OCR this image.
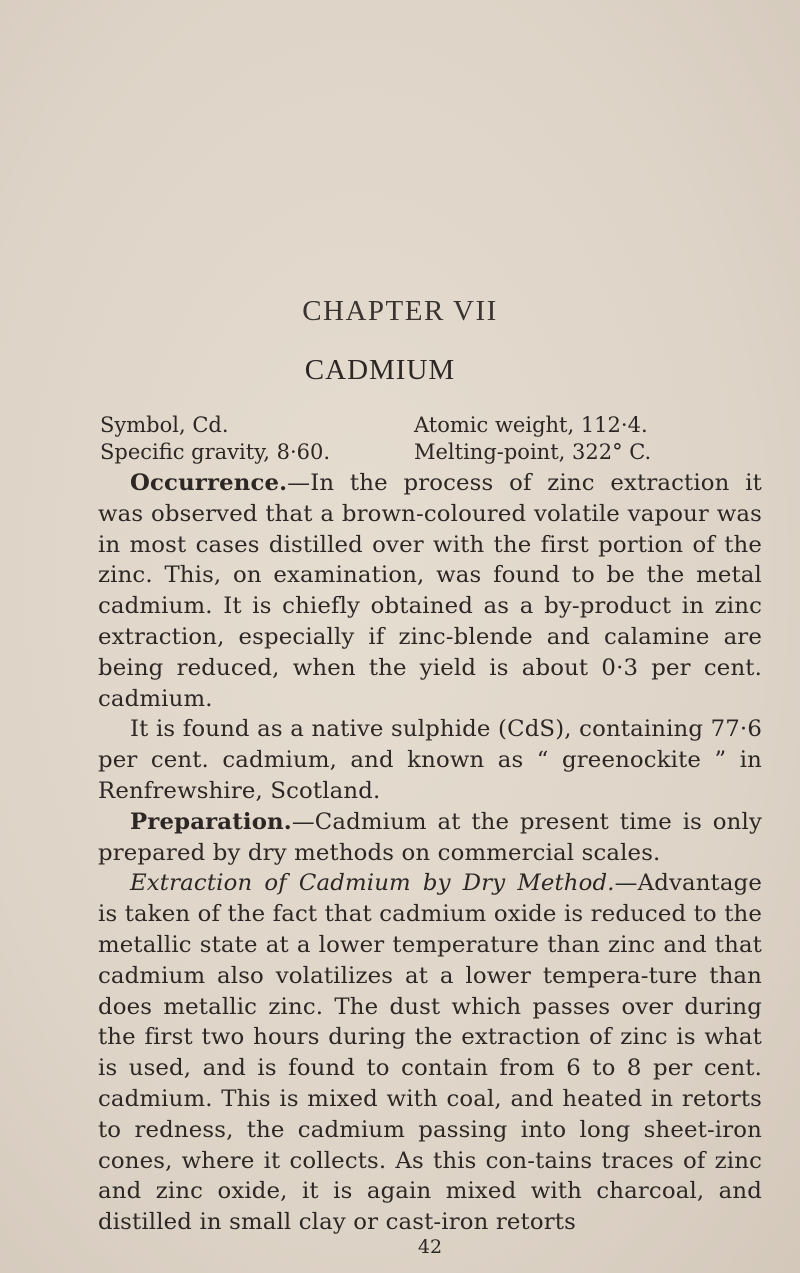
CHAPTER VII
CADMIUM
Symbol, Cd.	Atomic weight, 112·4.
Specific gravity, 8·60.	Melting-point, 322° C.

Occurrence.—In the process of zinc extraction it was observed that a brown-coloured volatile vapour was in most cases distilled over with the first portion of the zinc. This, on examination, was found to be the metal cadmium. It is chiefly obtained as a by-product in zinc extraction, especially if zinc-blende and calamine are being reduced, when the yield is about 0·3 per cent. cadmium.

It is found as a native sulphide (CdS), containing 77·6 per cent. cadmium, and known as “ greenockite ” in Renfrewshire, Scotland.

Preparation.—Cadmium at the present time is only prepared by dry methods on commercial scales.

Extraction of Cadmium by Dry Method.—Advantage is taken of the fact that cadmium oxide is reduced to the metallic state at a lower temperature than zinc and that cadmium also volatilizes at a lower tempera-ture than does metallic zinc. The dust which passes over during the first two hours during the extraction of zinc is what is used, and is found to contain from 6 to 8 per cent. cadmium. This is mixed with coal, and heated in retorts to redness, the cadmium passing into long sheet-iron cones, where it collects. As this con-tains traces of zinc and zinc oxide, it is again mixed with charcoal, and distilled in small clay or cast-iron retorts

42
